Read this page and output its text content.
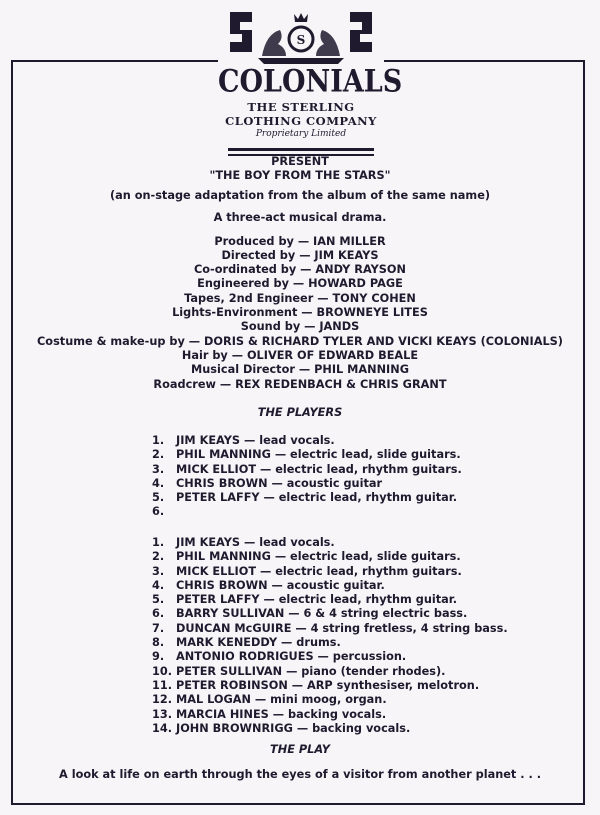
S
COLONIALS
THE STERLING
CLOTHING COMPANY
Proprietary Limited
PRESENT
"THE BOY FROM THE STARS"
(an on-stage adaptation from the album of the same name)
A three-act musical drama.
Produced by — IAN MILLER
Directed by — JIM KEAYS
Co-ordinated by — ANDY RAYSON
Engineered by — HOWARD PAGE
Tapes, 2nd Engineer — TONY COHEN
Lights-Environment — BROWNEYE LITES
Sound by — JANDS
Costume & make-up by — DORIS & RICHARD TYLER AND VICKI KEAYS (COLONIALS)
Hair by — OLIVER OF EDWARD BEALE
Musical Director — PHIL MANNING
Roadcrew — REX REDENBACH & CHRIS GRANT
THE PLAYERS
1. JIM KEAYS — lead vocals.
2. PHIL MANNING — electric lead, slide guitars.
3. MICK ELLIOT — electric lead, rhythm guitars.
4. CHRIS BROWN — acoustic guitar
5. PETER LAFFY — electric lead, rhythm guitar.
6.
1. JIM KEAYS — lead vocals.
2. PHIL MANNING — electric lead, slide guitars.
3. MICK ELLIOT — electric lead, rhythm guitars.
4. CHRIS BROWN — acoustic guitar.
5. PETER LAFFY — electric lead, rhythm guitar.
6. BARRY SULLIVAN — 6 & 4 string electric bass.
7. DUNCAN McGUIRE — 4 string fretless, 4 string bass.
8. MARK KENEDDY — drums.
9. ANTONIO RODRIGUES — percussion.
10. PETER SULLIVAN — piano (tender rhodes).
11. PETER ROBINSON — ARP synthesiser, melotron.
12. MAL LOGAN — mini moog, organ.
13. MARCIA HINES — backing vocals.
14. JOHN BROWNRIGG — backing vocals.
THE PLAY
A look at life on earth through the eyes of a visitor from another planet . . .
